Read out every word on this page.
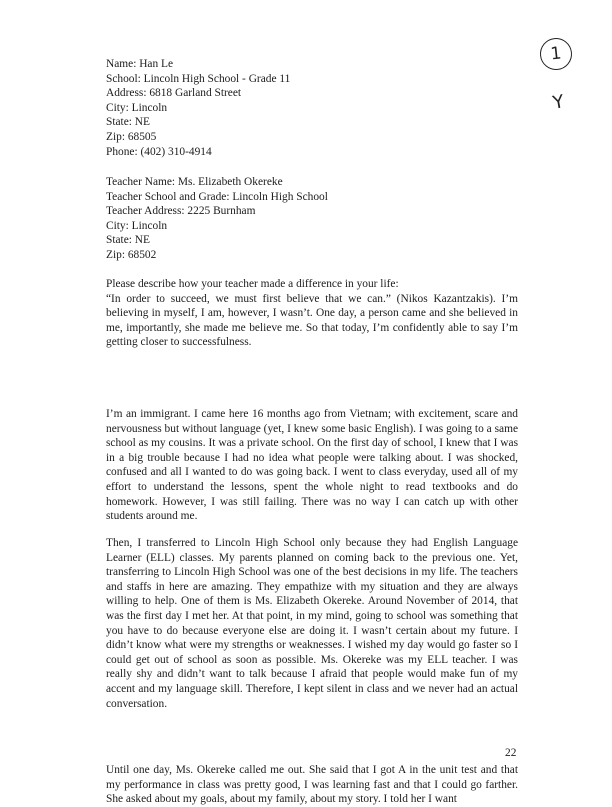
1
Y
Name: Han Le
School: Lincoln High School - Grade 11
Address: 6818 Garland Street
City: Lincoln
State: NE
Zip: 68505
Phone: (402) 310-4914
Teacher Name: Ms. Elizabeth Okereke
Teacher School and Grade: Lincoln High School
Teacher Address: 2225 Burnham
City: Lincoln
State: NE
Zip: 68502

Please describe how your teacher made a difference in your life:
“In order to succeed, we must first believe that we can.” (Nikos Kazantzakis). I’m believing in myself, I am, however, I wasn’t. One day, a person came and she believed in me, importantly, she made me believe me. So that today, I’m confidently able to say I’m getting closer to successfulness.

I’m an immigrant. I came here 16 months ago from Vietnam; with excitement, scare and nervousness but without language (yet, I knew some basic English). I was going to a same school as my cousins. It was a private school. On the first day of school, I knew that I was in a big trouble because I had no idea what people were talking about. I was shocked, confused and all I wanted to do was going back. I went to class everyday, used all of my effort to understand the lessons, spent the whole night to read textbooks and do homework. However, I was still failing. There was no way I can catch up with other students around me.

Then, I transferred to Lincoln High School only because they had English Language Learner (ELL) classes. My parents planned on coming back to the previous one. Yet, transferring to Lincoln High School was one of the best decisions in my life. The teachers and staffs in here are amazing. They empathize with my situation and they are always willing to help. One of them is Ms. Elizabeth Okereke. Around November of 2014, that was the first day I met her. At that point, in my mind, going to school was something that you have to do because everyone else are doing it. I wasn’t certain about my future. I didn’t know what were my strengths or weaknesses. I wished my day would go faster so I could get out of school as soon as possible. Ms. Okereke was my ELL teacher. I was really shy and didn’t want to talk because I afraid that people would make fun of my accent and my language skill. Therefore, I kept silent in class and we never had an actual conversation.

Until one day, Ms. Okereke called me out. She said that I got A in the unit test and that my performance in class was pretty good, I was learning fast and that I could go farther. She asked about my goals, about my family, about my story. I told her I want

22
